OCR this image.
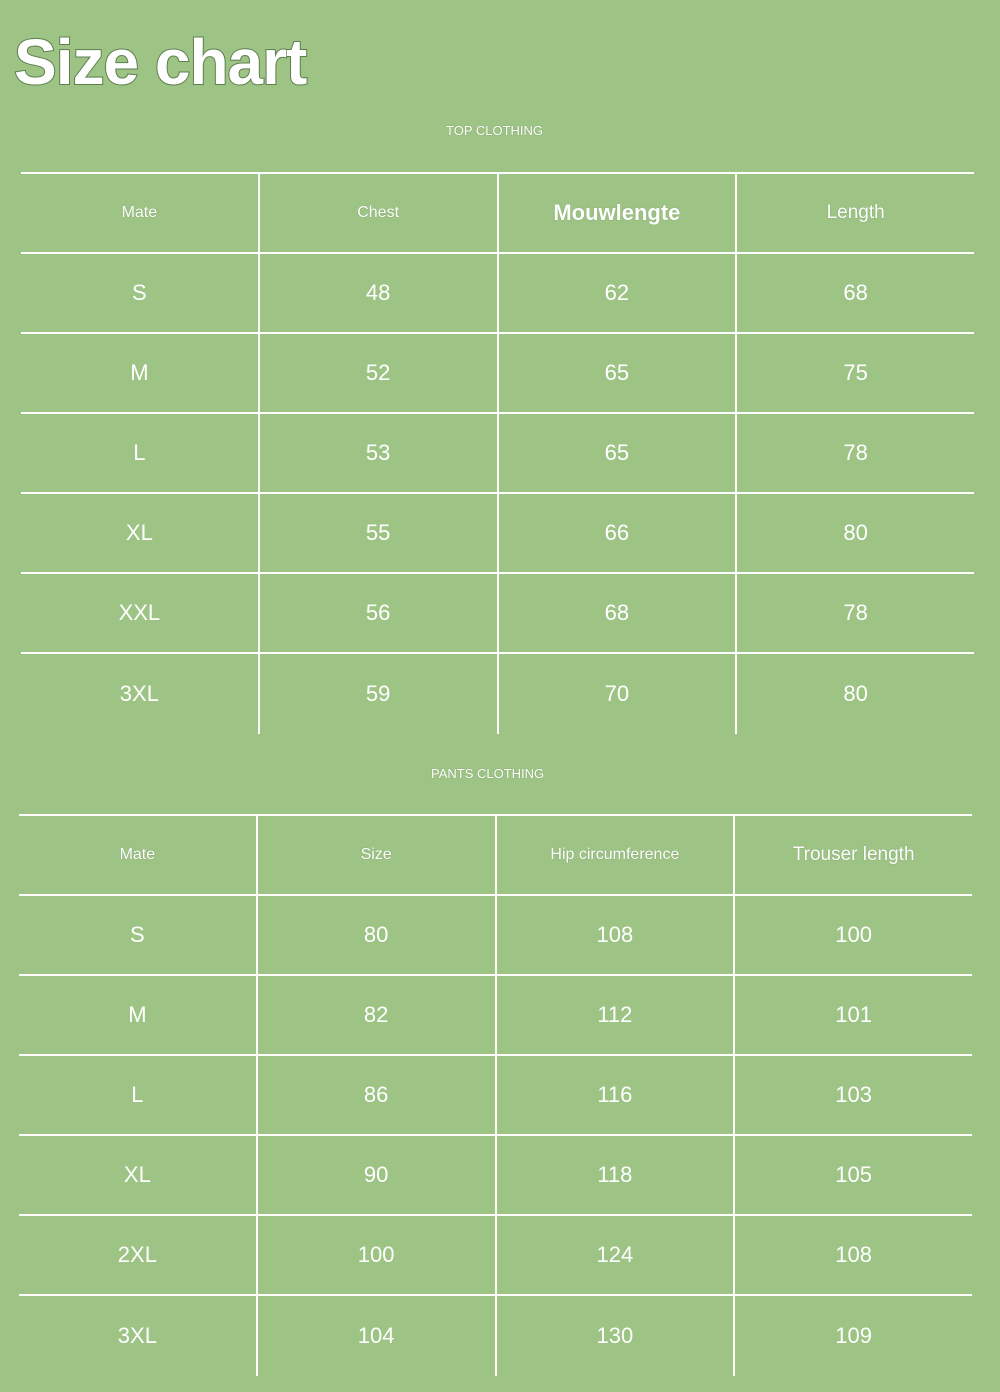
Size chart
TOP CLOTHING
Mate	Chest	Mouwlengte	Length
S	48	62	68
M	52	65	75
L	53	65	78
XL	55	66	80
XXL	56	68	78
3XL	59	70	80
PANTS CLOTHING
Mate	Size	Hip circumference	Trouser length
S	80	108	100
M	82	112	101
L	86	116	103
XL	90	118	105
2XL	100	124	108
3XL	104	130	109
